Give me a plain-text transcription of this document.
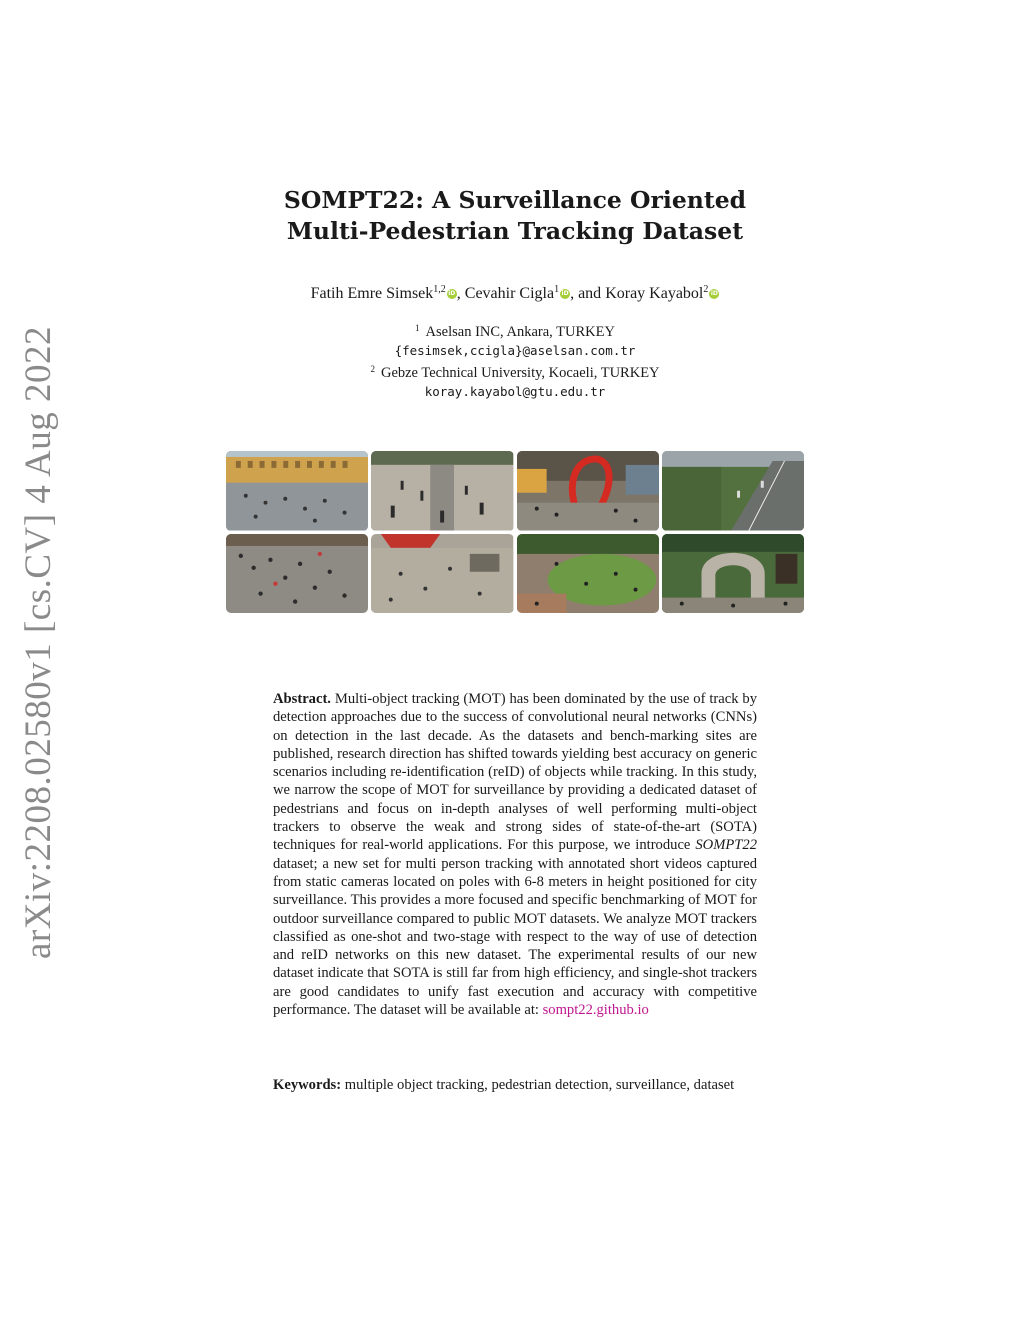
arXiv:2208.02580v1 [cs.CV] 4 Aug 2022
SOMPT22: A Surveillance Oriented
Multi-Pedestrian Tracking Dataset
Fatih Emre Simsek$^{1,2}$ iD, Cevahir Cigla$^1$ iD, and Koray Kayabol$^2$ iD
$^1$ Aselsan INC, Ankara, TURKEY
{fesimsek,ccigla}@aselsan.com.tr
$^2$ Gebze Technical University, Kocaeli, TURKEY
koray.kayabol@gtu.edu.tr
Abstract. Multi-object tracking (MOT) has been dominated by the use of track by detection approaches due to the success of convolutional neural networks (CNNs) on detection in the last decade. As the datasets and bench-marking sites are published, research direction has shifted towards yielding best accuracy on generic scenarios including re-identification (reID) of objects while tracking. In this study, we narrow the scope of MOT for surveillance by providing a dedicated dataset of pedestrians and focus on in-depth analyses of well performing multi-object trackers to observe the weak and strong sides of state-of-the-art (SOTA) techniques for real-world applications. For this purpose, we introduce SOMPT22 dataset; a new set for multi person tracking with annotated short videos captured from static cameras located on poles with 6-8 meters in height positioned for city surveillance. This provides a more focused and specific benchmarking of MOT for outdoor surveillance compared to public MOT datasets. We analyze MOT trackers classified as one-shot and two-stage with respect to the way of use of detection and reID networks on this new dataset. The experimental results of our new dataset indicate that SOTA is still far from high efficiency, and single-shot trackers are good candidates to unify fast execution and accuracy with competitive performance. The dataset will be available at: sompt22.github.io
Keywords: multiple object tracking, pedestrian detection, surveillance, dataset
